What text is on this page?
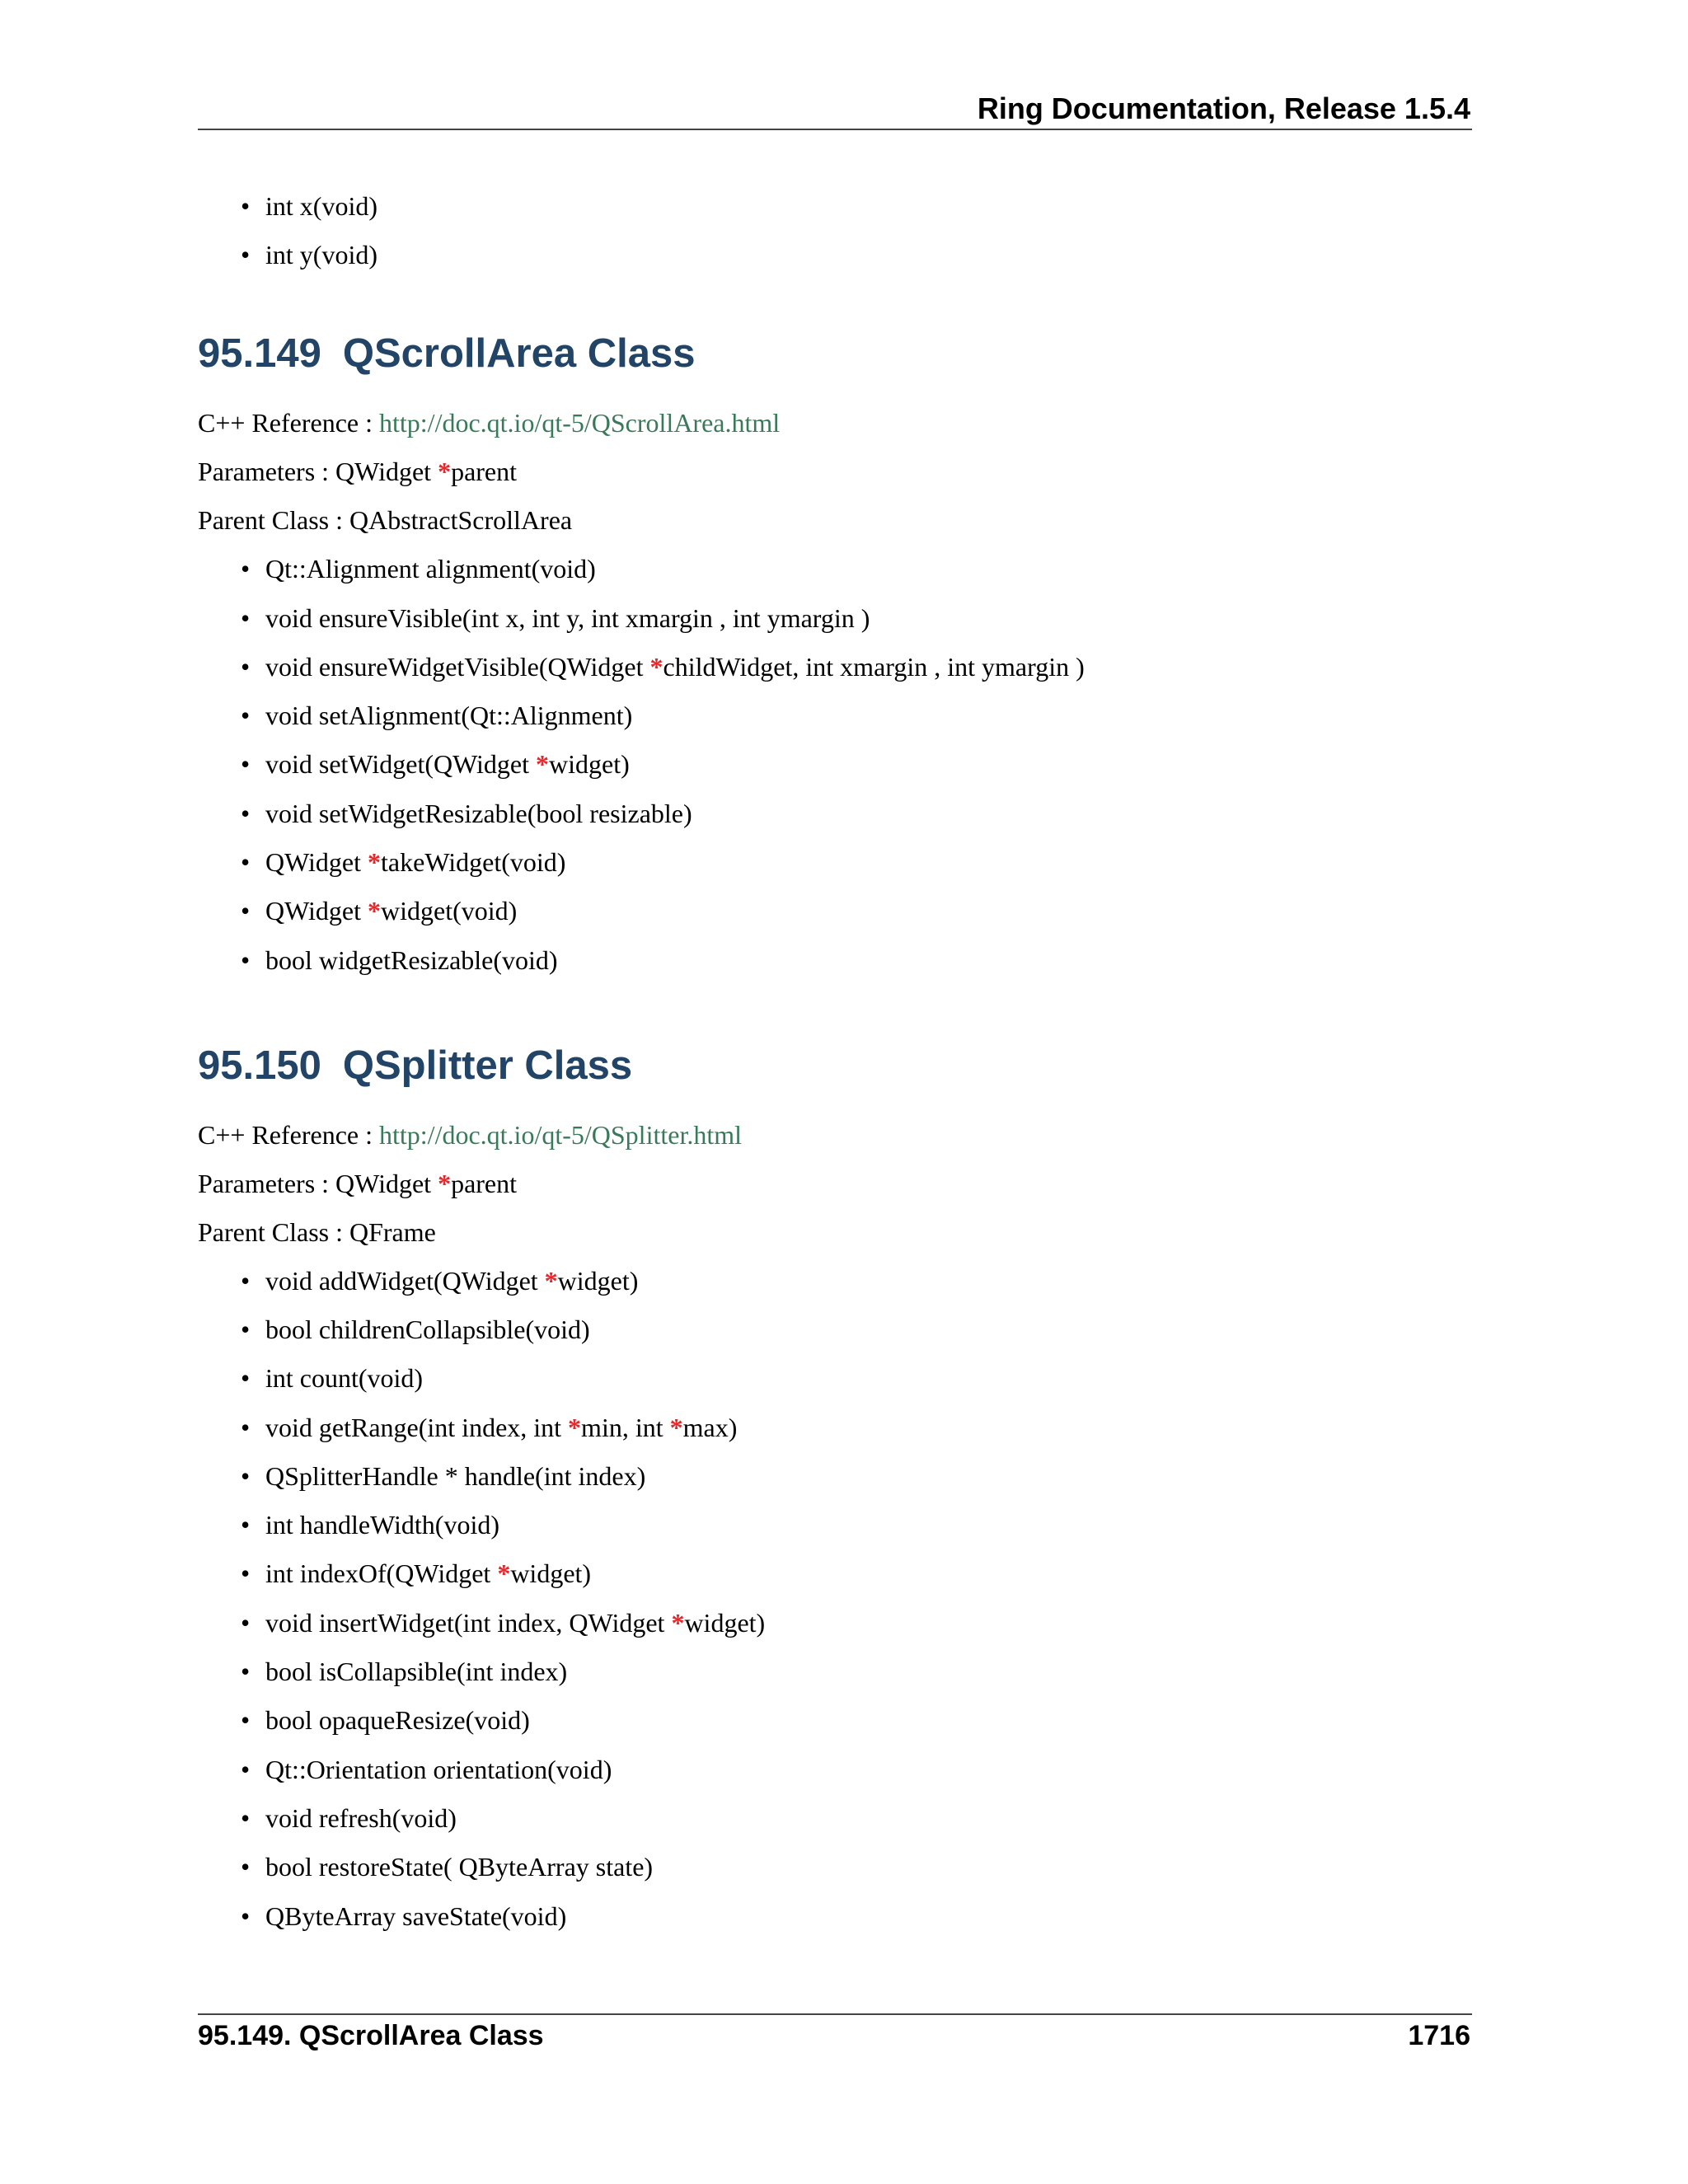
Ring Documentation, Release 1.5.4
• int x(void)
• int y(void)
95.149 QScrollArea Class
C++ Reference : http://doc.qt.io/qt-5/QScrollArea.html
Parameters : QWidget *parent
Parent Class : QAbstractScrollArea
• Qt::Alignment alignment(void)
• void ensureVisible(int x, int y, int xmargin , int ymargin )
• void ensureWidgetVisible(QWidget *childWidget, int xmargin , int ymargin )
• void setAlignment(Qt::Alignment)
• void setWidget(QWidget *widget)
• void setWidgetResizable(bool resizable)
• QWidget *takeWidget(void)
• QWidget *widget(void)
• bool widgetResizable(void)
95.150 QSplitter Class
C++ Reference : http://doc.qt.io/qt-5/QSplitter.html
Parameters : QWidget *parent
Parent Class : QFrame
• void addWidget(QWidget *widget)
• bool childrenCollapsible(void)
• int count(void)
• void getRange(int index, int *min, int *max)
• QSplitterHandle * handle(int index)
• int handleWidth(void)
• int indexOf(QWidget *widget)
• void insertWidget(int index, QWidget *widget)
• bool isCollapsible(int index)
• bool opaqueResize(void)
• Qt::Orientation orientation(void)
• void refresh(void)
• bool restoreState( QByteArray state)
• QByteArray saveState(void)
95.149. QScrollArea Class	1716
